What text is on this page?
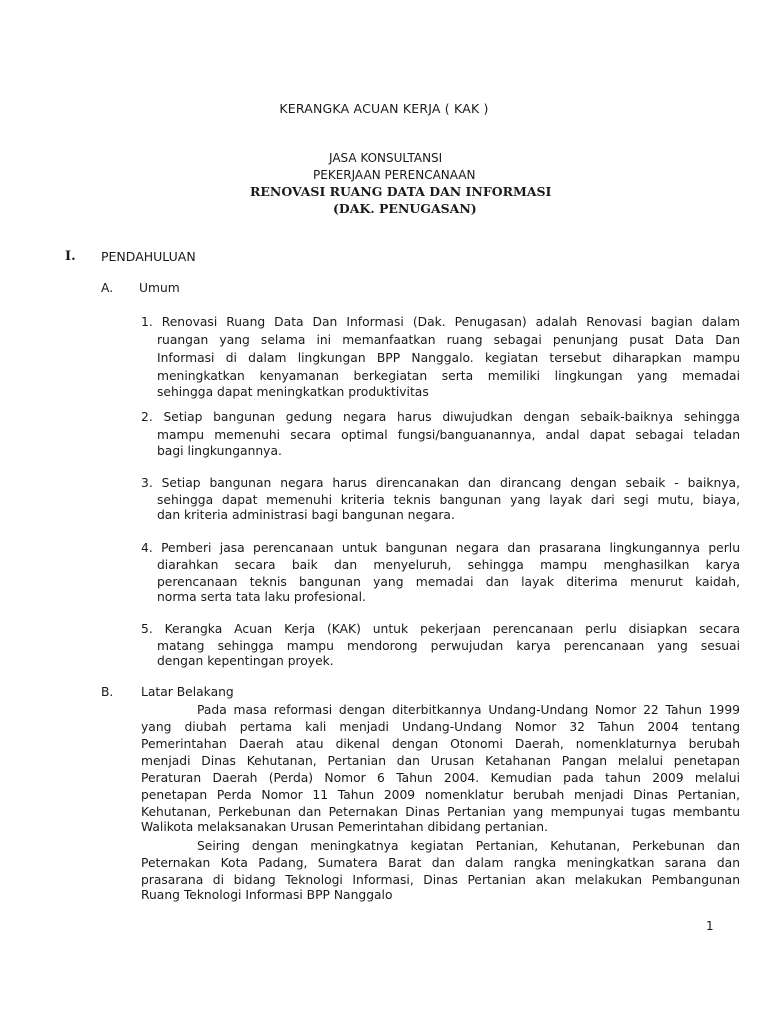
KERANGKA ACUAN KERJA ( KAK )

JASA KONSULTANSI

PEKERJAAN PERENCANAAN

RENOVASI RUANG DATA DAN INFORMASI

(DAK. PENUGASAN)

I. PENDAHULUAN

A. Umum

1. Renovasi Ruang Data Dan Informasi (Dak. Penugasan) adalah Renovasi bagian dalam

ruangan yang selama ini memanfaatkan ruang sebagai penunjang pusat Data Dan

Informasi di dalam lingkungan BPP Nanggalo. kegiatan tersebut diharapkan mampu

meningkatkan kenyamanan berkegiatan serta memiliki lingkungan yang memadai

sehingga dapat meningkatkan produktivitas

2. Setiap bangunan gedung negara harus diwujudkan dengan sebaik-baiknya sehingga

mampu memenuhi secara optimal fungsi/banguanannya, andal dapat sebagai teladan

bagi lingkungannya.

3. Setiap bangunan negara harus direncanakan dan dirancang dengan sebaik - baiknya,

sehingga dapat memenuhi kriteria teknis bangunan yang layak dari segi mutu, biaya,

dan kriteria administrasi bagi bangunan negara.

4. Pemberi jasa perencanaan untuk bangunan negara dan prasarana lingkungannya perlu

diarahkan secara baik dan menyeluruh, sehingga mampu menghasilkan karya

perencanaan teknis bangunan yang memadai dan layak diterima menurut kaidah,

norma serta tata laku profesional.

5. Kerangka Acuan Kerja (KAK) untuk pekerjaan perencanaan perlu disiapkan secara

matang sehingga mampu mendorong perwujudan karya perencanaan yang sesuai

dengan kepentingan proyek.

B. Latar Belakang

Pada masa reformasi dengan diterbitkannya Undang-Undang Nomor 22 Tahun 1999

yang diubah pertama kali menjadi Undang-Undang Nomor 32 Tahun 2004 tentang

Pemerintahan Daerah atau dikenal dengan Otonomi Daerah, nomenklaturnya berubah

menjadi Dinas Kehutanan, Pertanian dan Urusan Ketahanan Pangan melalui penetapan

Peraturan Daerah (Perda) Nomor 6 Tahun 2004. Kemudian pada tahun 2009 melalui

penetapan Perda Nomor 11 Tahun 2009 nomenklatur berubah menjadi Dinas Pertanian,

Kehutanan, Perkebunan dan Peternakan Dinas Pertanian yang mempunyai tugas membantu

Walikota melaksanakan Urusan Pemerintahan dibidang pertanian.

Seiring dengan meningkatnya kegiatan Pertanian, Kehutanan, Perkebunan dan

Peternakan Kota Padang, Sumatera Barat dan dalam rangka meningkatkan sarana dan

prasarana di bidang Teknologi Informasi, Dinas Pertanian akan melakukan Pembangunan

Ruang Teknologi Informasi BPP Nanggalo

1
